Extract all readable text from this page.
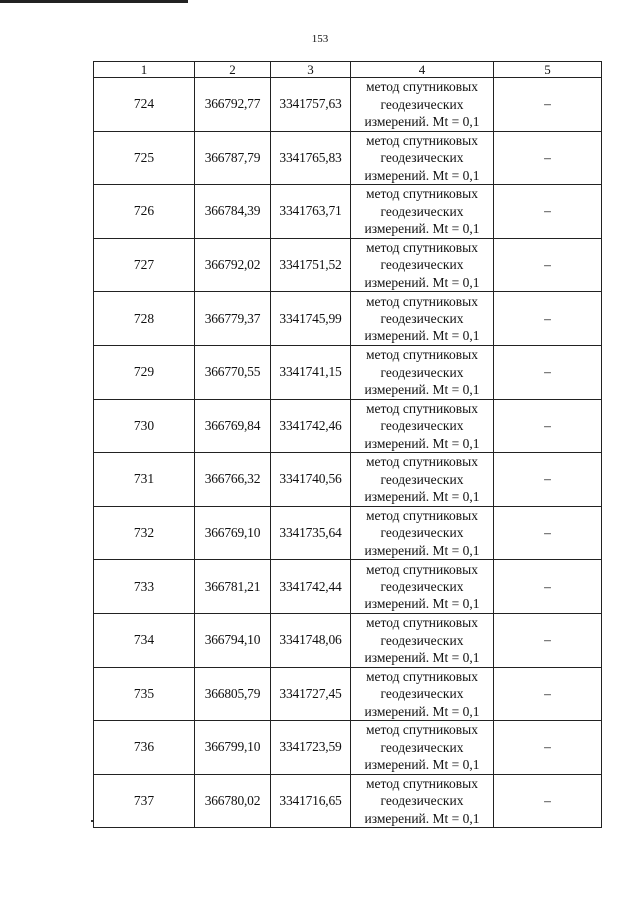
153
1	2	3	4	5
724	366792,77	3341757,63	метод спутниковых
геодезических
измерений. Mt = 0,1	–
725	366787,79	3341765,83	метод спутниковых
геодезических
измерений. Mt = 0,1	–
726	366784,39	3341763,71	метод спутниковых
геодезических
измерений. Mt = 0,1	–
727	366792,02	3341751,52	метод спутниковых
геодезических
измерений. Mt = 0,1	–
728	366779,37	3341745,99	метод спутниковых
геодезических
измерений. Mt = 0,1	–
729	366770,55	3341741,15	метод спутниковых
геодезических
измерений. Mt = 0,1	–
730	366769,84	3341742,46	метод спутниковых
геодезических
измерений. Mt = 0,1	–
731	366766,32	3341740,56	метод спутниковых
геодезических
измерений. Mt = 0,1	–
732	366769,10	3341735,64	метод спутниковых
геодезических
измерений. Mt = 0,1	–
733	366781,21	3341742,44	метод спутниковых
геодезических
измерений. Mt = 0,1	–
734	366794,10	3341748,06	метод спутниковых
геодезических
измерений. Mt = 0,1	–
735	366805,79	3341727,45	метод спутниковых
геодезических
измерений. Mt = 0,1	–
736	366799,10	3341723,59	метод спутниковых
геодезических
измерений. Mt = 0,1	–
737	366780,02	3341716,65	метод спутниковых
геодезических
измерений. Mt = 0,1	–
